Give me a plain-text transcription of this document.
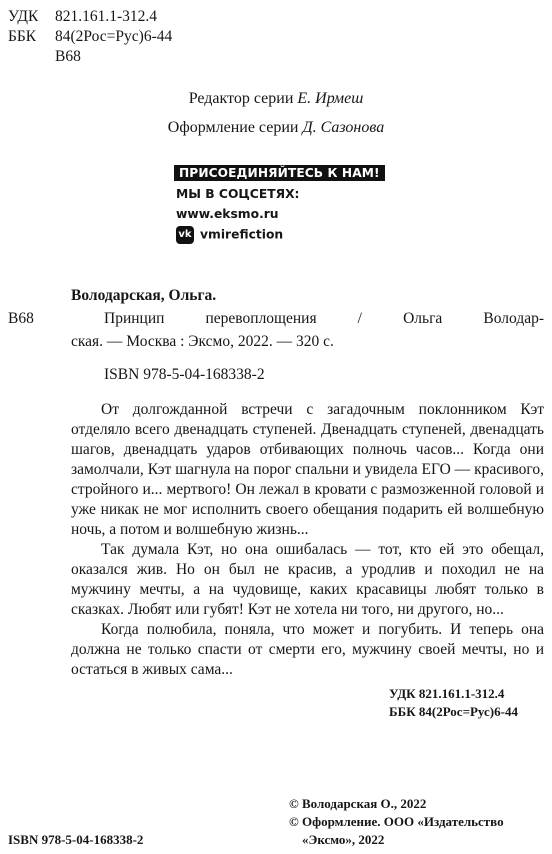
УДК 821.161.1-312.4
ББК 84(2Рос=Рус)6-44
В68
Редактор серии Е. Ирмеш
Оформление серии Д. Сазонова
ПРИСОЕДИНЯЙТЕСЬ К НАМ!
МЫ В СОЦСЕТЯХ:
www.eksmo.ru
vk vmirefiction
Володарская, Ольга.
В68	Принцип перевоплощения / Ольга Володар-
ская. — Москва : Эксмо, 2022. — 320 с.
ISBN 978-5-04-168338-2

От долгожданной встречи с загадочным поклонником Кэт отделяло всего двенадцать ступеней. Двенадцать ступеней, двенадцать шагов, двенадцать ударов отбивающих полночь часов... Когда они замолчали, Кэт шагнула на порог спальни и увидела ЕГО — красивого, стройного и... мертвого! Он лежал в кровати с размозженной головой и уже никак не мог исполнить своего обещания подарить ей волшебную ночь, а потом и волшебную жизнь...

Так думала Кэт, но она ошибалась — тот, кто ей это обещал, оказался жив. Но он был не красив, а уродлив и походил не на мужчину мечты, а на чудовище, каких красавицы любят только в сказках. Любят или губят! Кэт не хотела ни того, ни другого, но...

Когда полюбила, поняла, что может и погубить. И теперь она должна не только спасти от смерти его, мужчину своей мечты, но и остаться в живых сама...

УДК 821.161.1-312.4
ББК 84(2Рос=Рус)6-44
© Володарская О., 2022
© Оформление. ООО «Издательство
«Эксмо», 2022
ISBN 978-5-04-168338-2
